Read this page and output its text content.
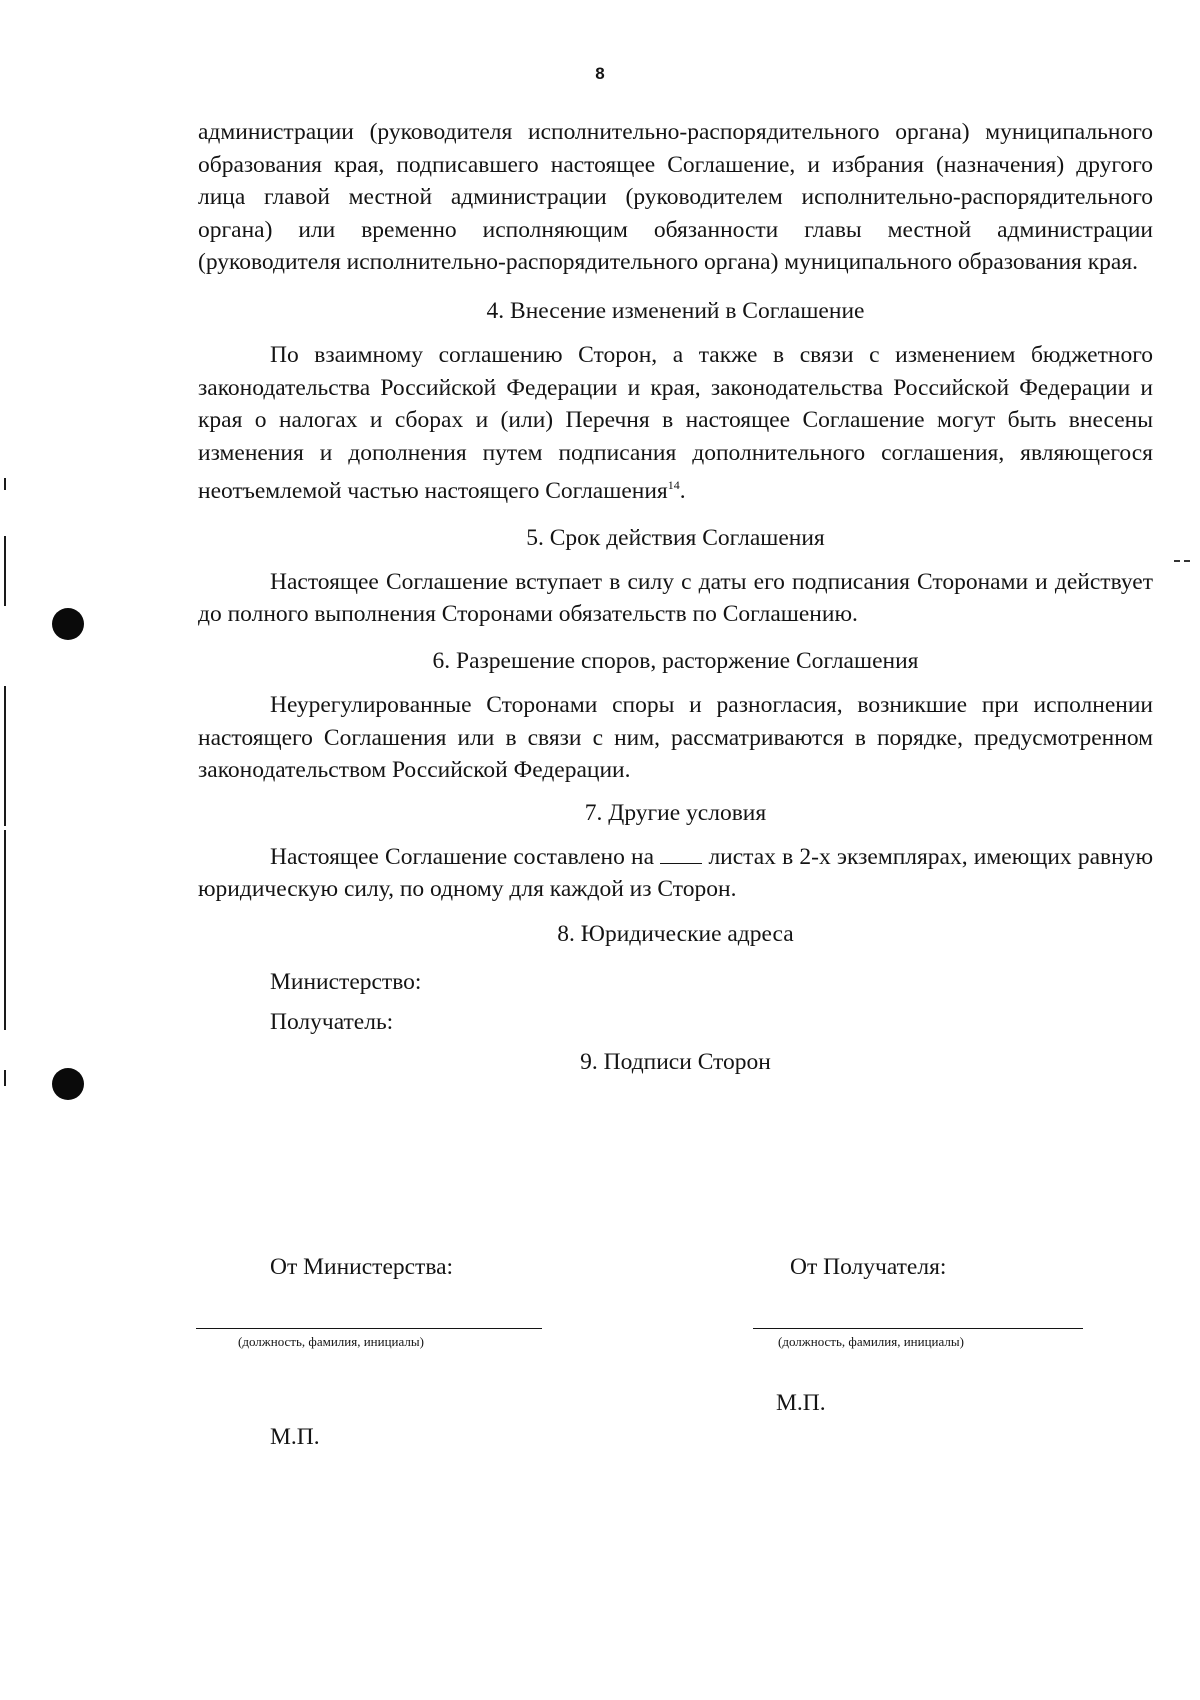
8

администрации (руководителя исполнительно-распорядительного органа) муниципального образования края, подписавшего настоящее Соглашение, и избрания (назначения) другого лица главой местной администрации (руководителем исполнительно-распорядительного органа) или временно исполняющим обязанности главы местной администрации (руководителя исполнительно-распорядительного органа) муниципального образования края.

4. Внесение изменений в Соглашение

По взаимному соглашению Сторон, а также в связи с изменением бюджетного законодательства Российской Федерации и края, законодательства Российской Федерации и края о налогах и сборах и (или) Перечня в настоящее Соглашение могут быть внесены изменения и дополнения путем подписания дополнительного соглашения, являющегося неотъемлемой частью настоящего Соглашения$^{14}$.

5. Срок действия Соглашения

Настоящее Соглашение вступает в силу с даты его подписания Сторонами и действует до полного выполнения Сторонами обязательств по Соглашению.

6. Разрешение споров, расторжение Соглашения

Неурегулированные Сторонами споры и разногласия, возникшие при исполнении настоящего Соглашения или в связи с ним, рассматриваются в порядке, предусмотренном законодательством Российской Федерации.

7. Другие условия

Настоящее Соглашение составлено на листах в 2-х экземплярах, имеющих равную юридическую силу, по одному для каждой из Сторон.

8. Юридические адреса

Министерство:

Получатель:

9. Подписи Сторон

От Министерства:	От Получателя:
(должность, фамилия, инициалы)	(должность, фамилия, инициалы)
М.П.
М.П.
